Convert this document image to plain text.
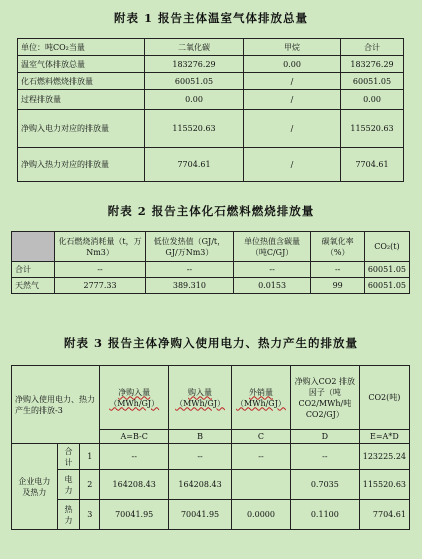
附表 1 报告主体温室气体排放总量
单位：吨CO₂当量	二氧化碳	甲烷	合计
温室气体排放总量	183276.29	0.00	183276.29
化石燃料燃烧排放量	60051.05	/	60051.05
过程排放量	0.00	/	0.00
净购入电力对应的排放量	115520.63	/	115520.63
净购入热力对应的排放量	7704.61	/	7704.61
附表 2 报告主体化石燃料燃烧排放量
	化石燃烧消耗量（t，万Nm3）	低位发热值（GJ/t，GJ/万Nm3）	单位热值含碳量（吨C/GJ）	碳氧化率（%）	CO₂(t)
合计	--	--	--	--	60051.05
天然气	2777.33	389.310	0.0153	99	60051.05
附表 3 报告主体净购入使用电力、热力产生的排放量
净购入使用电力、热力产生的排放-3			净购入量（MWh/GJ）	购入量（MWh/GJ）	外销量（MWh/GJ）	净购入CO2 排放因子（吨CO2/MWh/吨CO2/GJ）	CO2(吨)
			A=B-C	B	C	D	E=A*D
企业电力及热力	合计	1	--	--	--	--	123225.24
	电力	2	164208.43	164208.43		0.7035	115520.63
	热力	3	70041.95	70041.95	0.0000	0.1100	7704.61
